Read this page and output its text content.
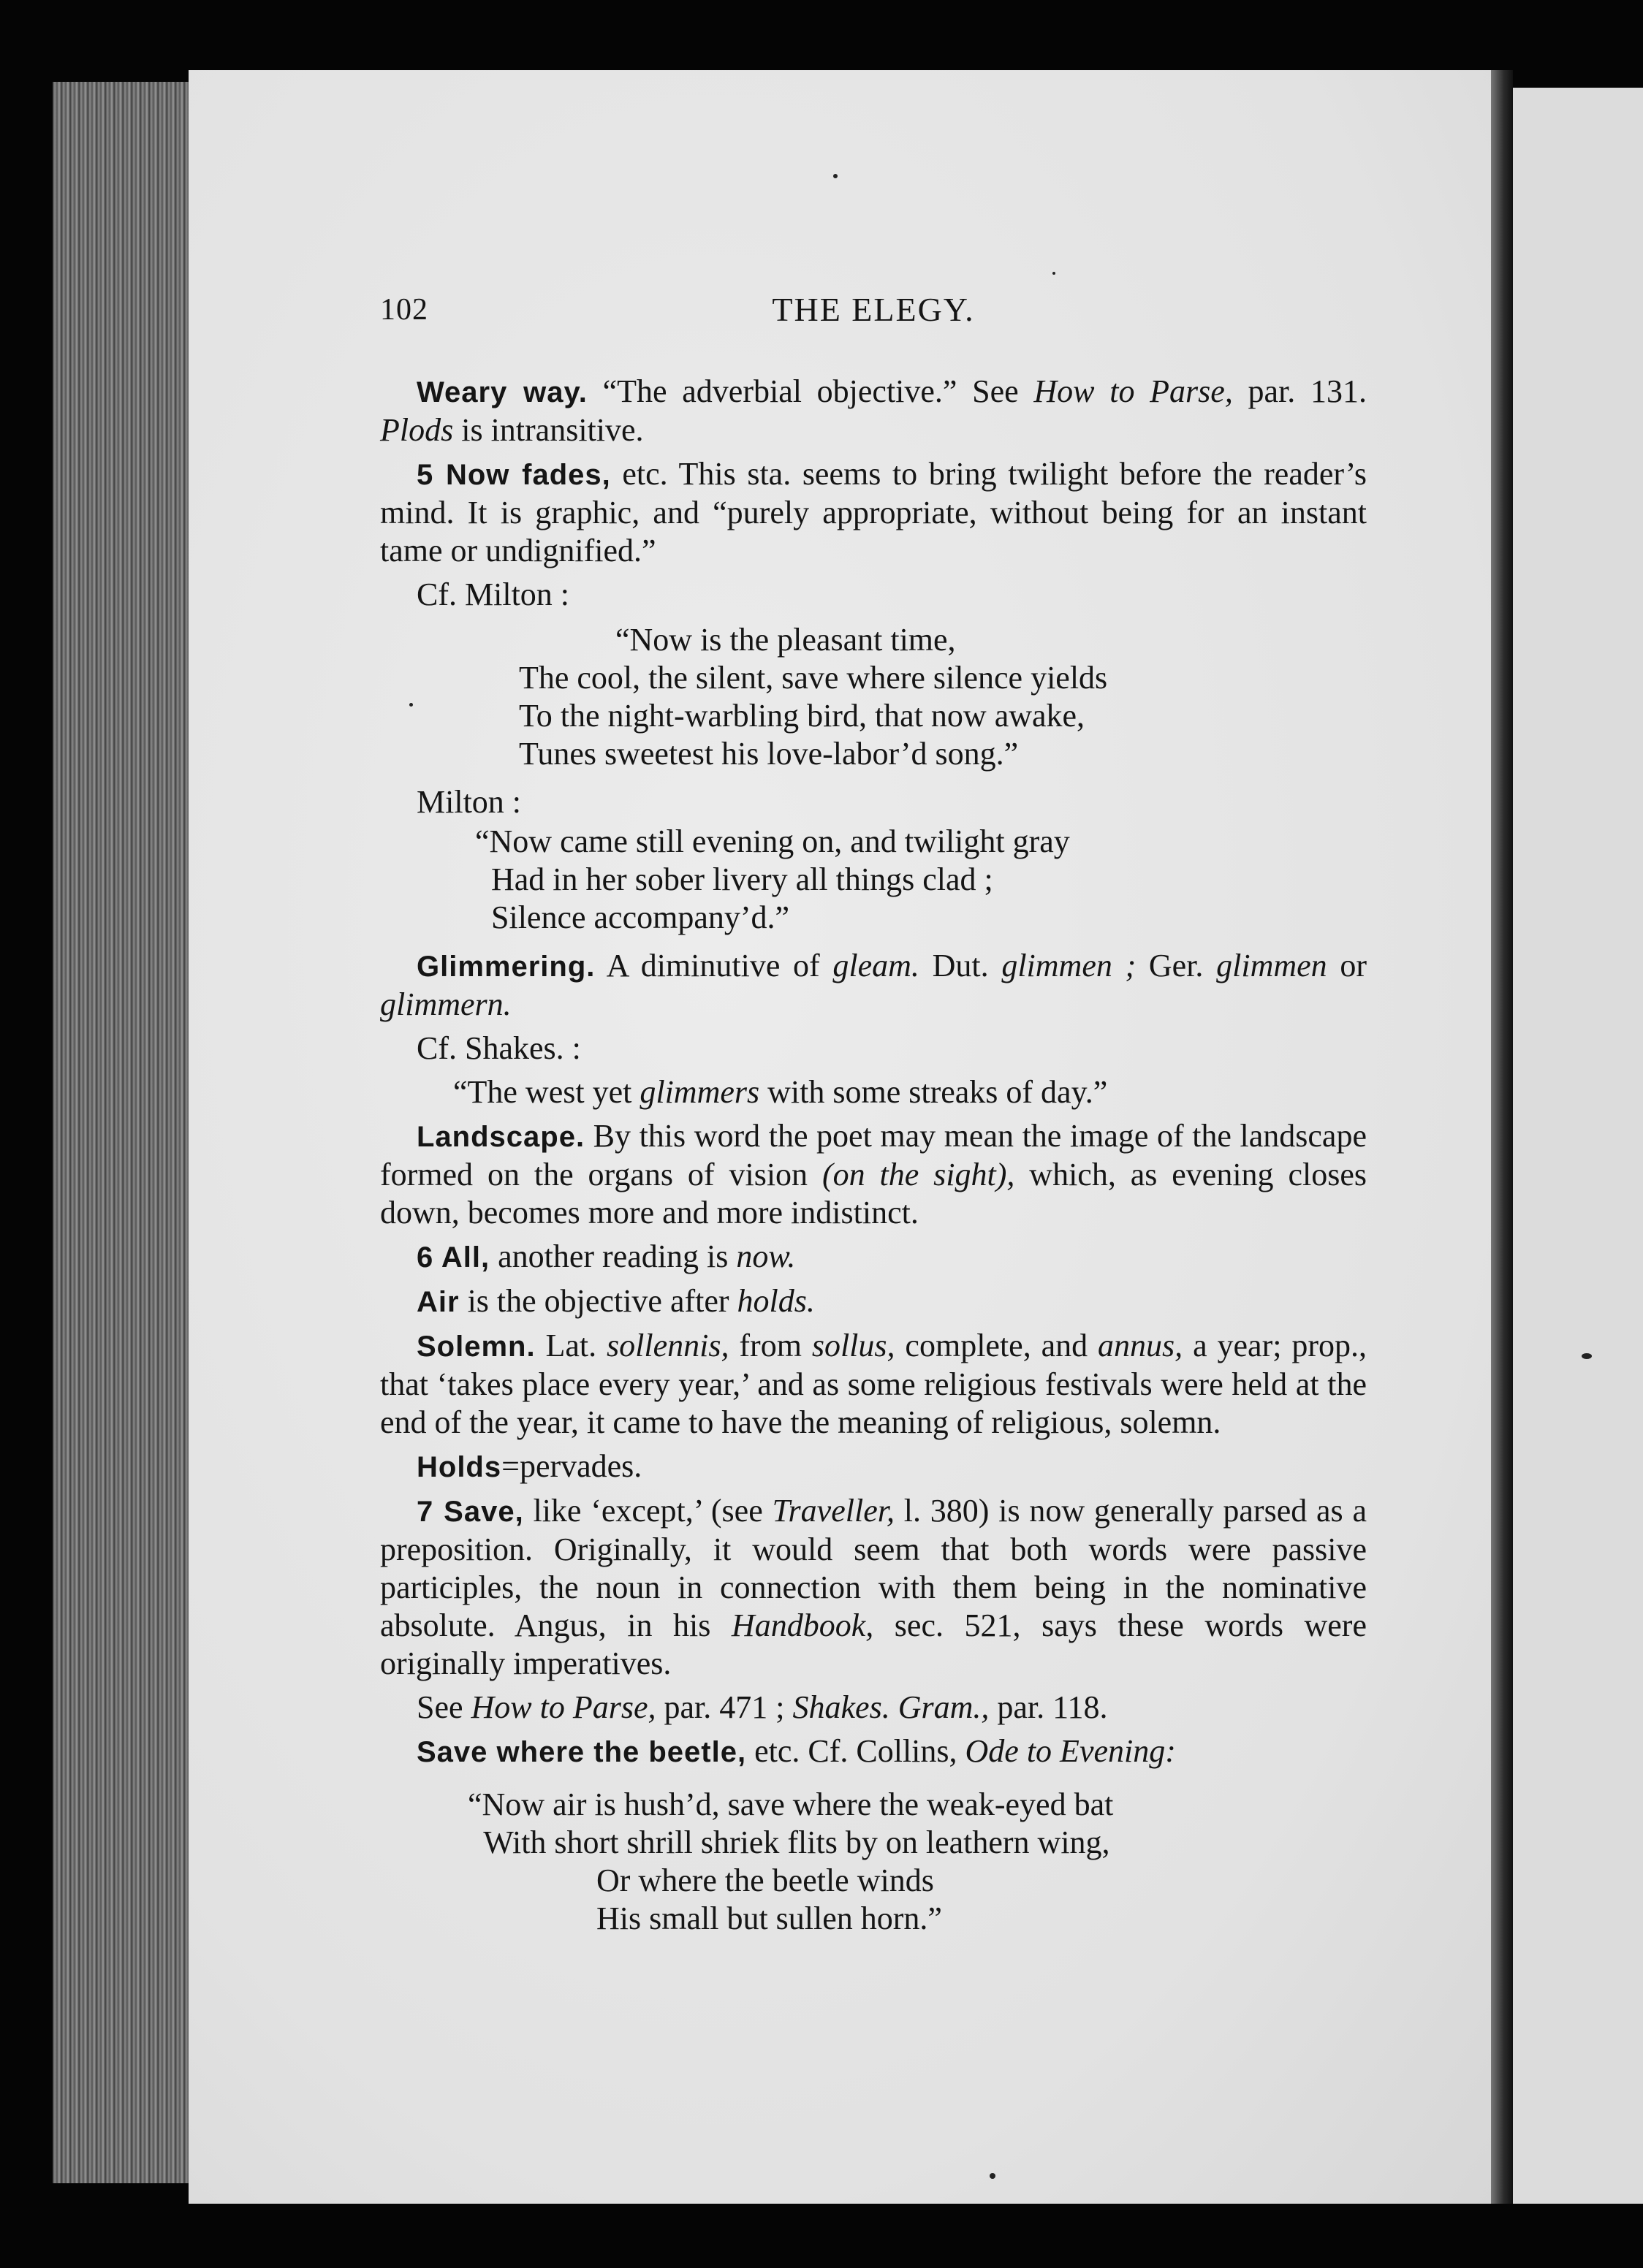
102	THE ELEGY.

Weary way. “The adverbial objective.” See How to Parse, par. 131. Plods is intransitive.

5 Now fades, etc. This sta. seems to bring twilight before the reader’s mind. It is graphic, and “purely appropriate, without being for an instant tame or undignified.”

Cf. Milton :

“Now is the pleasant time,
The cool, the silent, save where silence yields
To the night-warbling bird, that now awake,
Tunes sweetest his love-labor’d song.”

Milton :

“Now came still evening on, and twilight gray
Had in her sober livery all things clad ;
Silence accompany’d.”

Glimmering. A diminutive of gleam. Dut. glimmen ; Ger. glimmen or glimmern.

Cf. Shakes. :

“The west yet glimmers with some streaks of day.”

Landscape. By this word the poet may mean the image of the landscape formed on the organs of vision (on the sight), which, as evening closes down, becomes more and more indistinct.

6 All, another reading is now.

Air is the objective after holds.

Solemn. Lat. sollennis, from sollus, complete, and annus, a year; prop., that ‘takes place every year,’ and as some religious festivals were held at the end of the year, it came to have the meaning of religious, solemn.

Holds=pervades.

7 Save, like ‘except,’ (see Traveller, l. 380) is now generally parsed as a preposition. Originally, it would seem that both words were passive participles, the noun in connection with them being in the nominative absolute. Angus, in his Handbook, sec. 521, says these words were originally imperatives.

See How to Parse, par. 471 ; Shakes. Gram., par. 118.

Save where the beetle, etc. Cf. Collins, Ode to Evening:

“Now air is hush’d, save where the weak-eyed bat
With short shrill shriek flits by on leathern wing,
Or where the beetle winds
His small but sullen horn.”
